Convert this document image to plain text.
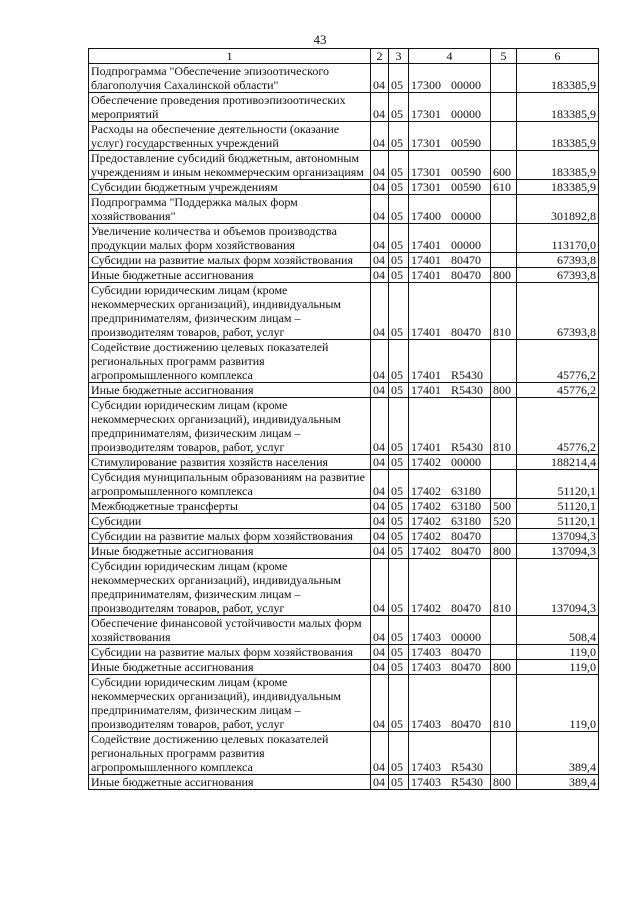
43
1	2	3	4	5	6
Подпрограмма "Обеспечение эпизоотического благополучия Сахалинской области"	04	05	17300 00000		183385,9
Обеспечение проведения противоэпизоотических мероприятий	04	05	17301 00000		183385,9
Расходы на обеспечение деятельности (оказание услуг) государственных учреждений	04	05	17301 00590		183385,9
Предоставление субсидий бюджетным, автономным учреждениям и иным некоммерческим организациям	04	05	17301 00590	600	183385,9
Субсидии бюджетным учреждениям	04	05	17301 00590	610	183385,9
Подпрограмма "Поддержка малых форм хозяйствования"	04	05	17400 00000		301892,8
Увеличение количества и объемов производства продукции малых форм хозяйствования	04	05	17401 00000		113170,0
Субсидии на развитие малых форм хозяйствования	04	05	17401 80470		67393,8
Иные бюджетные ассигнования	04	05	17401 80470	800	67393,8
Субсидии юридическим лицам (кроме некоммерческих организаций), индивидуальным предпринимателям, физическим лицам – производителям товаров, работ, услуг	04	05	17401 80470	810	67393,8
Содействие достижению целевых показателей региональных программ развития агропромышленного комплекса	04	05	17401 R5430		45776,2
Иные бюджетные ассигнования	04	05	17401 R5430	800	45776,2
Субсидии юридическим лицам (кроме некоммерческих организаций), индивидуальным предпринимателям, физическим лицам – производителям товаров, работ, услуг	04	05	17401 R5430	810	45776,2
Стимулирование развития хозяйств населения	04	05	17402 00000		188214,4
Субсидия муниципальным образованиям на развитие агропромышленного комплекса	04	05	17402 63180		51120,1
Межбюджетные трансферты	04	05	17402 63180	500	51120,1
Субсидии	04	05	17402 63180	520	51120,1
Субсидии на развитие малых форм хозяйствования	04	05	17402 80470		137094,3
Иные бюджетные ассигнования	04	05	17402 80470	800	137094,3
Субсидии юридическим лицам (кроме некоммерческих организаций), индивидуальным предпринимателям, физическим лицам – производителям товаров, работ, услуг	04	05	17402 80470	810	137094,3
Обеспечение финансовой устойчивости малых форм хозяйствования	04	05	17403 00000		508,4
Субсидии на развитие малых форм хозяйствования	04	05	17403 80470		119,0
Иные бюджетные ассигнования	04	05	17403 80470	800	119,0
Субсидии юридическим лицам (кроме некоммерческих организаций), индивидуальным предпринимателям, физическим лицам – производителям товаров, работ, услуг	04	05	17403 80470	810	119,0
Содействие достижению целевых показателей региональных программ развития агропромышленного комплекса	04	05	17403 R5430		389,4
Иные бюджетные ассигнования	04	05	17403 R5430	800	389,4
